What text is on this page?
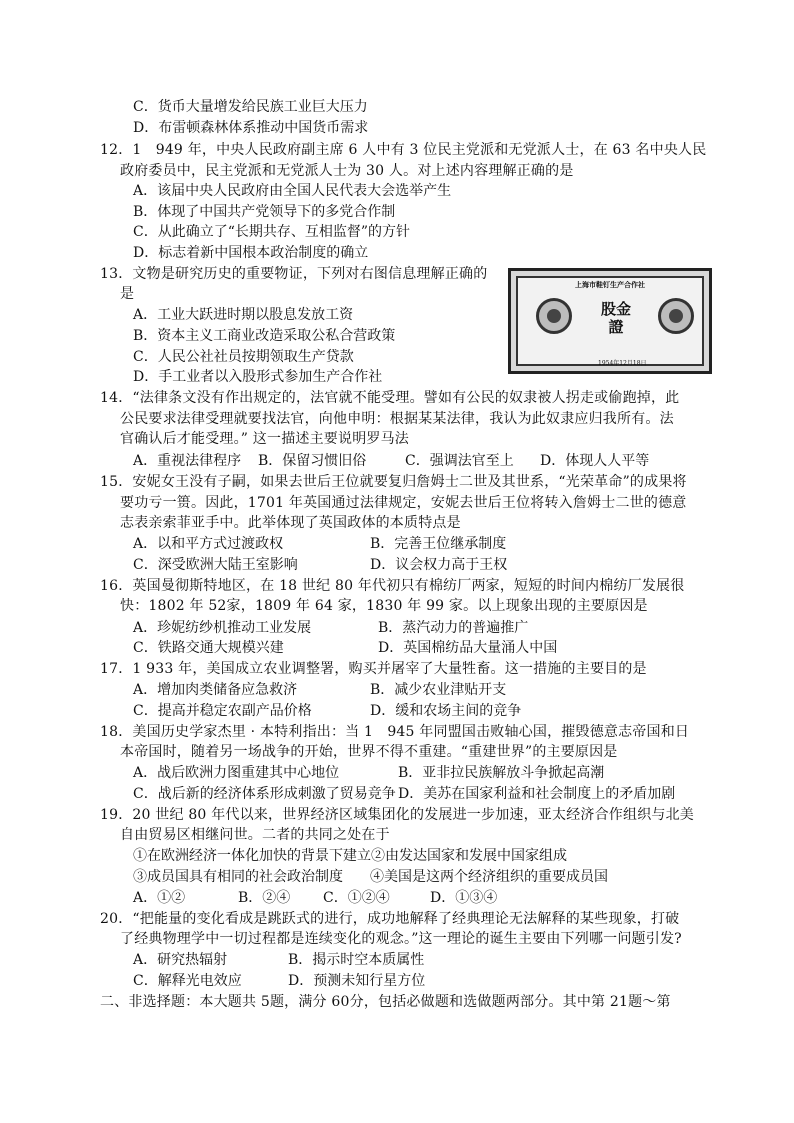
C．货币大量增发给民族工业巨大压力
D．布雷顿森林体系推动中国货币需求
12．1　949 年，中央人民政府副主席 6 人中有 3 位民主党派和无党派人士，在 63 名中央人民
政府委员中，民主党派和无党派人士为 30 人。对上述内容理解正确的是
A．该届中央人民政府由全国人民代表大会选举产生
B．体现了中国共产党领导下的多党合作制
C．从此确立了“长期共存、互相监督”的方针
D．标志着新中国根本政治制度的确立
13．文物是研究历史的重要物证，下列对右图信息理解正确的
是
A．工业大跃进时期以股息发放工资
B．资本主义工商业改造采取公私合营政策
C．人民公社社员按期领取生产贷款
D．手工业者以入股形式参加生产合作社
上海市鞋钉生产合作社
股金證
1954年12月18日
14．“法律条文没有作出规定的，法官就不能受理。譬如有公民的奴隶被人拐走或偷跑掉，此
公民要求法律受理就要找法官，向他申明：根据某某法律，我认为此奴隶应归我所有。法
官确认后才能受理。” 这一描述主要说明罗马法
A．重视法律程序 B．保留习惯旧俗	C．强调法官至上 D．体现人人平等
15．安妮女王没有子嗣，如果去世后王位就要复归詹姆士二世及其世系，“光荣革命”的成果将
要功亏一篑。因此，1701 年英国通过法律规定，安妮去世后王位将转入詹姆士二世的德意
志表亲索菲亚手中。此举体现了英国政体的本质特点是
A．以和平方式过渡政权	B．完善王位继承制度
C．深受欧洲大陆王室影响	D．议会权力高于王权
16．英国曼彻斯特地区，在 18 世纪 80 年代初只有棉纺厂两家，短短的时间内棉纺厂发展很
快：1802 年 52家，1809 年 64 家，1830 年 99 家。以上现象出现的主要原因是
A．珍妮纺纱机推动工业发展	B．蒸汽动力的普遍推广
C．铁路交通大规模兴建	D．英国棉纺品大量涌人中国
17．1 933 年，美国成立农业调整署，购买并屠宰了大量牲畜。这一措施的主要目的是
A．增加肉类储备应急救济	B．减少农业津贴开支
C．提高并稳定农副产品价格	D．缓和农场主间的竞争
18．美国历史学家杰里 · 本特利指出：当 1　945 年同盟国击败轴心国，摧毁德意志帝国和日
本帝国时，随着另一场战争的开始，世界不得不重建。“重建世界”的主要原因是
A．战后欧洲力图重建其中心地位	B．亚非拉民族解放斗争掀起高潮
C．战后新的经济体系形成刺激了贸易竞争 D．美苏在国家利益和社会制度上的矛盾加剧
19．20 世纪 80 年代以来，世界经济区域集团化的发展进一步加速，亚太经济合作组织与北美
自由贸易区相继问世。二者的共同之处在于
①在欧洲经济一体化加快的背景下建立②由发达国家和发展中国家组成
③成员国具有相同的社会政治制度 ④美国是这两个经济组织的重要成员国
A．①②	B．②④ C．①②④	D．①③④
20．“把能量的变化看成是跳跃式的进行，成功地解释了经典理论无法解释的某些现象，打破
了经典物理学中一切过程都是连续变化的观念。”这一理论的诞生主要由下列哪一问题引发?
A．研究热辐射	B．揭示时空本质属性
C．解释光电效应	D．预测未知行星方位
二、非选择题：本大题共 5题，满分 60分，包括必做题和选做题两部分。其中第 21题～第
